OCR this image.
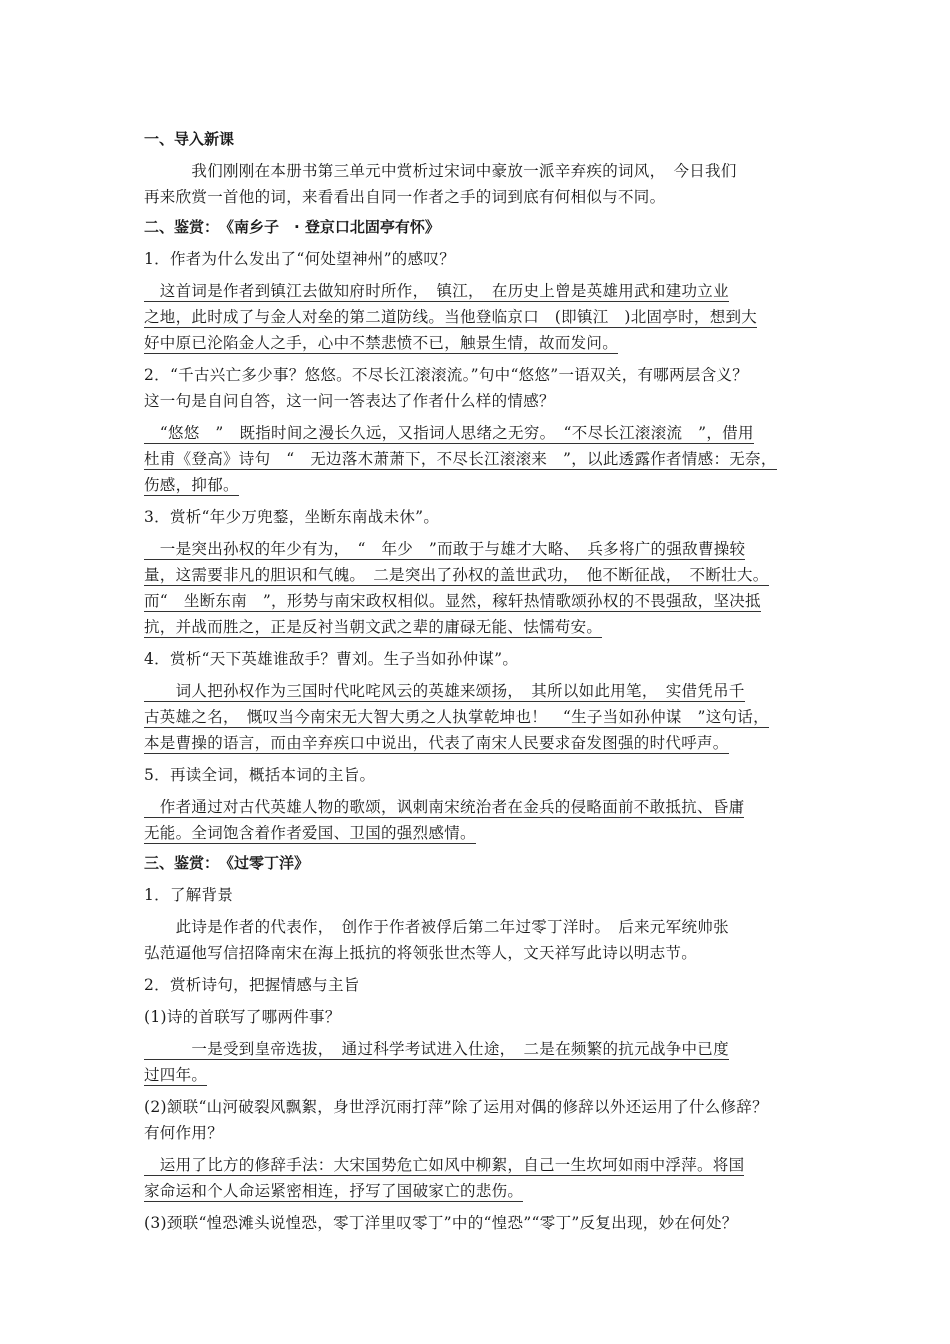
一、导入新课
　　　我们刚刚在本册书第三单元中赏析过宋词中豪放一派辛弃疾的词风，　今日我们
再来欣赏一首他的词，来看看出自同一作者之手的词到底有何相似与不同。
二、鉴赏：　《南乡子　· 登京口北固亭有怀》
1．作者为什么发出了“何处望神州”的感叹？
　这首词是作者到镇江去做知府时所作，　镇江，　在历史上曾是英雄用武和建功立业
之地，此时成了与金人对垒的第二道防线。当他登临京口　(即镇江　)北固亭时，想到大
好中原已沦陷金人之手，心中不禁悲愤不已，触景生情，故而发问。
2．“千古兴亡多少事？悠悠。不尽长江滚滚流。”句中“悠悠”一语双关，有哪两层含义？
这一句是自问自答，这一问一答表达了作者什么样的情感？
　“悠悠　”　既指时间之漫长久远，又指词人思绪之无穷。　“不尽长江滚滚流　”，借用
杜甫《登高》诗句　“　无边落木萧萧下，不尽长江滚滚来　”，以此透露作者情感：无奈，
伤感，抑郁。
3．赏析“年少万兜鍪，坐断东南战未休”。
　一是突出孙权的年少有为，　“　年少　”而敢于与雄才大略、　兵多将广的强敌曹操较
量，这需要非凡的胆识和气魄。　二是突出了孙权的盖世武功，　他不断征战，　不断壮大。
而“　坐断东南　”，形势与南宋政权相似。显然，稼轩热情歌颂孙权的不畏强敌，坚决抵
抗，并战而胜之，正是反衬当朝文武之辈的庸碌无能、怯懦苟安。
4．赏析“天下英雄谁敌手？曹刘。生子当如孙仲谋”。
　　词人把孙权作为三国时代叱咤风云的英雄来颂扬，　其所以如此用笔，　实借凭吊千
古英雄之名，　慨叹当今南宋无大智大勇之人执掌乾坤也！　“生子当如孙仲谋　”这句话，
本是曹操的语言，而由辛弃疾口中说出，代表了南宋人民要求奋发图强的时代呼声。
5．再读全词，概括本词的主旨。
　作者通过对古代英雄人物的歌颂，讽刺南宋统治者在金兵的侵略面前不敢抵抗、昏庸
无能。全词饱含着作者爱国、卫国的强烈感情。
三、鉴赏：　《过零丁洋》
1．了解背景
　　此诗是作者的代表作，　创作于作者被俘后第二年过零丁洋时。　后来元军统帅张
弘范逼他写信招降南宋在海上抵抗的将领张世杰等人，文天祥写此诗以明志节。
2．赏析诗句，把握情感与主旨
(1)诗的首联写了哪两件事？
　　　一是受到皇帝选拔，　通过科学考试进入仕途，　二是在频繁的抗元战争中已度
过四年。
(2)颔联“山河破裂风飘絮，身世浮沉雨打萍”除了运用对偶的修辞以外还运用了什么修辞？
有何作用？
　运用了比方的修辞手法：大宋国势危亡如风中柳絮，自己一生坎坷如雨中浮萍。将国
家命运和个人命运紧密相连，抒写了国破家亡的悲伤。
(3)颈联“惶恐滩头说惶恐，零丁洋里叹零丁”中的“惶恐”“零丁”反复出现，妙在何处？
